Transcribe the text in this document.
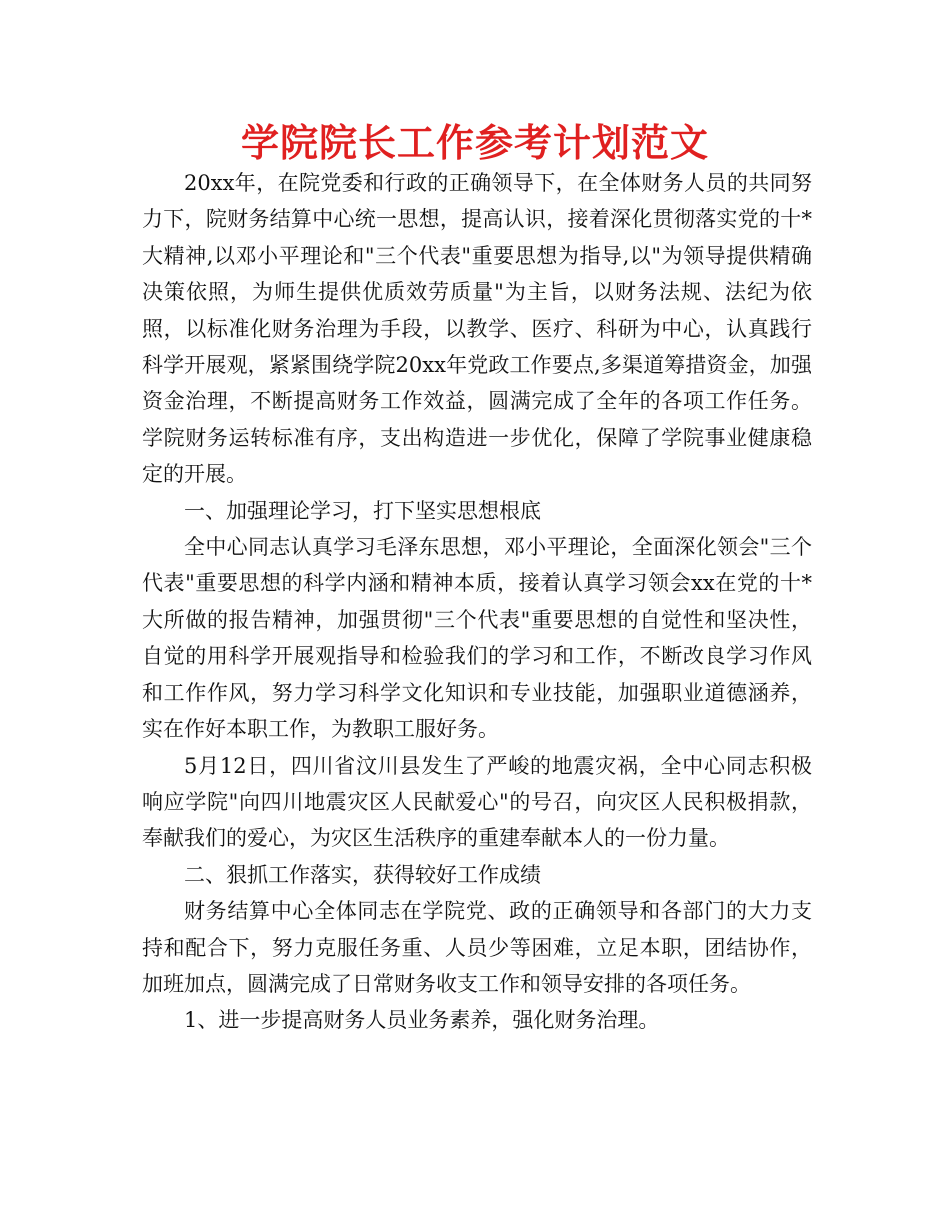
学院院长工作参考计划范文

20xx年，在院党委和行政的正确领导下，在全体财务人员的共同努力下，院财务结算中心统一思想，提高认识，接着深化贯彻落实党的十*大精神,以邓小平理论和"三个代表"重要思想为指导,以"为领导提供精确决策依照，为师生提供优质效劳质量"为主旨，以财务法规、法纪为依照，以标准化财务治理为手段，以教学、医疗、科研为中心，认真践行科学开展观，紧紧围绕学院20xx年党政工作要点,多渠道筹措资金，加强资金治理，不断提高财务工作效益，圆满完成了全年的各项工作任务。学院财务运转标准有序，支出构造进一步优化，保障了学院事业健康稳定的开展。

一、加强理论学习，打下坚实思想根底

全中心同志认真学习毛泽东思想，邓小平理论，全面深化领会"三个代表"重要思想的科学内涵和精神本质，接着认真学习领会xx在党的十*大所做的报告精神，加强贯彻"三个代表"重要思想的自觉性和坚决性，自觉的用科学开展观指导和检验我们的学习和工作，不断改良学习作风和工作作风，努力学习科学文化知识和专业技能，加强职业道德涵养，实在作好本职工作，为教职工服好务。

5月12日，四川省汶川县发生了严峻的地震灾祸，全中心同志积极响应学院"向四川地震灾区人民献爱心"的号召，向灾区人民积极捐款，奉献我们的爱心，为灾区生活秩序的重建奉献本人的一份力量。

二、狠抓工作落实，获得较好工作成绩

财务结算中心全体同志在学院党、政的正确领导和各部门的大力支持和配合下，努力克服任务重、人员少等困难，立足本职，团结协作，加班加点，圆满完成了日常财务收支工作和领导安排的各项任务。

1、进一步提高财务人员业务素养，强化财务治理。
